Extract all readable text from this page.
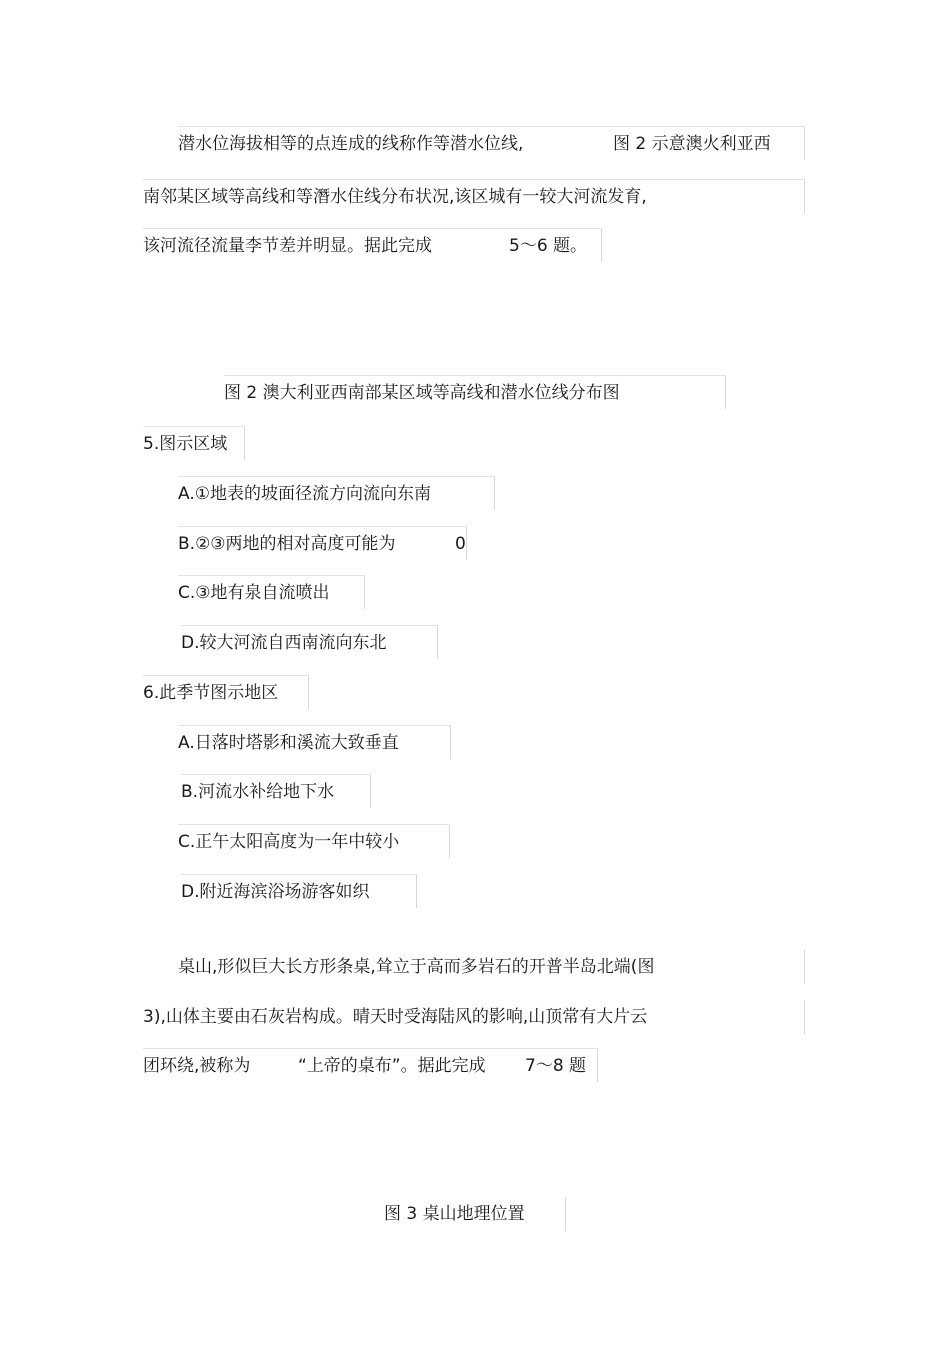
潜水位海拔相等的点连成的线称作等潜水位线,	图 2 示意澳火利亚西
南邻某区域等高线和等潛水住线分布状况,该区城有一较大河流发育,
该河流径流量李节差并明显。据此完成	5～6 题。
图 2 澳大利亚西南部某区域等高线和潜水位线分布图
5.图示区域
A.①地表的坡面径流方向流向东南
B.②③两地的相对高度可能为	0
C.③地有泉自流喷出
D.较大河流自西南流向东北
6.此季节图示地区
A.日落时塔影和溪流大致垂直
B.河流水补给地下水
C.正午太阳高度为一年中较小
D.附近海滨浴场游客如织
桌山,形似巨大长方形条桌,耸立于高而多岩石的开普半岛北端(图
3),山体主要由石灰岩构成。晴天时受海陆风的影响,山顶常有大片云
团环绕,被称为	“上帝的桌布”。据此完成 7～8 题
图 3 桌山地理位置
